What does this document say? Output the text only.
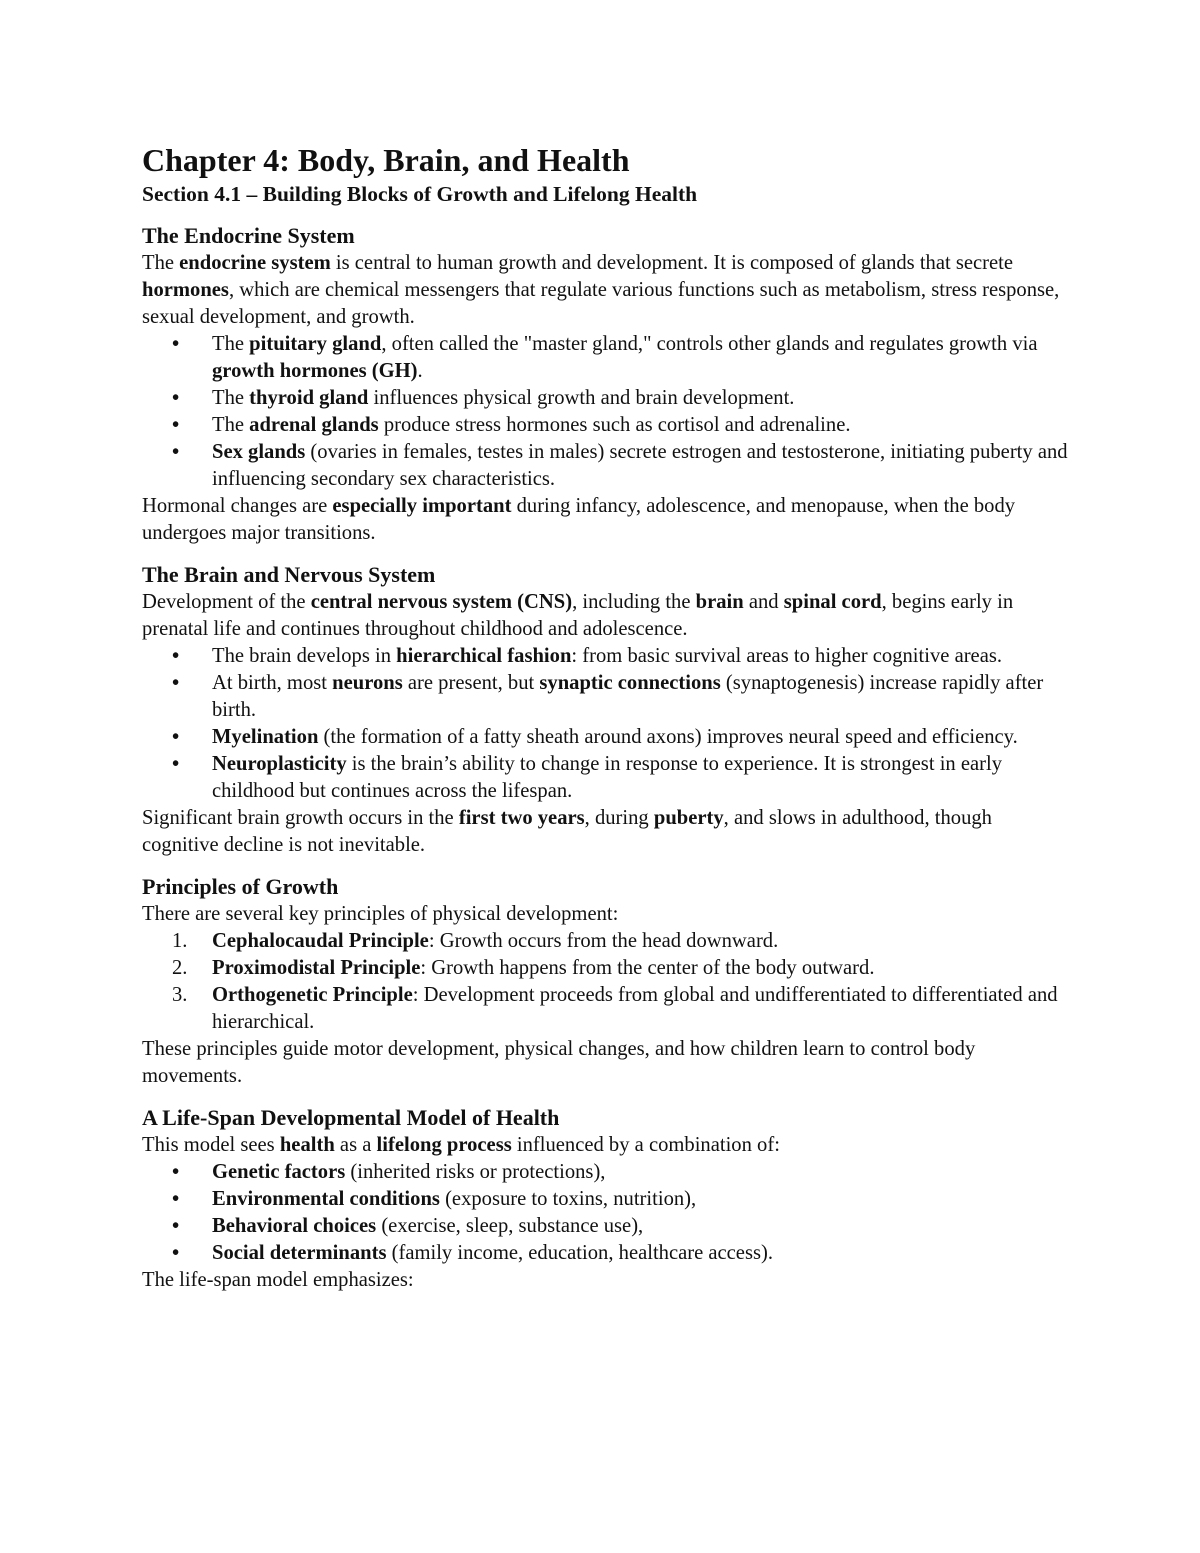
Chapter 4: Body, Brain, and Health
Section 4.1 – Building Blocks of Growth and Lifelong Health
The Endocrine System

The endocrine system is central to human growth and development. It is composed of glands that secrete hormones, which are chemical messengers that regulate various functions such as metabolism, stress response, sexual development, and growth.

• The pituitary gland, often called the "master gland," controls other glands and regulates growth via growth hormones (GH).
• The thyroid gland influences physical growth and brain development.
• The adrenal glands produce stress hormones such as cortisol and adrenaline.
• Sex glands (ovaries in females, testes in males) secrete estrogen and testosterone, initiating puberty and influencing secondary sex characteristics.

Hormonal changes are especially important during infancy, adolescence, and menopause, when the body undergoes major transitions.

The Brain and Nervous System

Development of the central nervous system (CNS), including the brain and spinal cord, begins early in prenatal life and continues throughout childhood and adolescence.

• The brain develops in hierarchical fashion: from basic survival areas to higher cognitive areas.
• At birth, most neurons are present, but synaptic connections (synaptogenesis) increase rapidly after birth.
• Myelination (the formation of a fatty sheath around axons) improves neural speed and efficiency.
• Neuroplasticity is the brain’s ability to change in response to experience. It is strongest in early childhood but continues across the lifespan.

Significant brain growth occurs in the first two years, during puberty, and slows in adulthood, though cognitive decline is not inevitable.

Principles of Growth

There are several key principles of physical development:

1. Cephalocaudal Principle: Growth occurs from the head downward.
2. Proximodistal Principle: Growth happens from the center of the body outward.
3. Orthogenetic Principle: Development proceeds from global and undifferentiated to differentiated and hierarchical.

These principles guide motor development, physical changes, and how children learn to control body movements.

A Life-Span Developmental Model of Health

This model sees health as a lifelong process influenced by a combination of:

• Genetic factors (inherited risks or protections),
• Environmental conditions (exposure to toxins, nutrition),
• Behavioral choices (exercise, sleep, substance use),
• Social determinants (family income, education, healthcare access).

The life-span model emphasizes:
